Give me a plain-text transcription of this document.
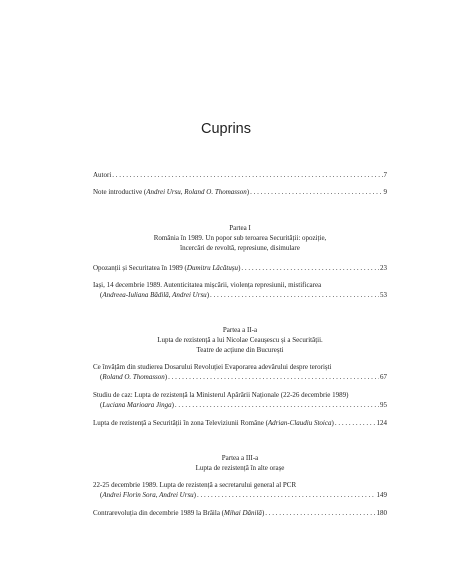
Cuprins
Autori . . .	7
Note introductive (Andrei Ursu, Roland O. Thomasson) . . .	9
Partea I
România în 1989. Un popor sub teroarea Securității: opoziție,
încercări de revoltă, represiune, disimulare
Opozanții și Securitatea în 1989 (Dumitru Lăcătușu) . . .	23
Iași, 14 decembrie 1989. Autenticitatea mișcării, violența represiunii, mistificarea
(Andreea-Iuliana Bădilă, Andrei Ursu) . . .	53
Partea a II-a
Lupta de rezistență a lui Nicolae Ceaușescu și a Securității.
Teatre de acțiune din București
Ce învățăm din studierea Dosarului Revoluției Evaporarea adevărului despre teroriști
(Roland O. Thomasson) . . .	67
Studiu de caz: Lupta de rezistență la Ministerul Apărării Naționale (22-26 decembrie 1989)
(Luciana Marioara Jinga) . . .	95
Lupta de rezistență a Securității în zona Televiziunii Române (Adrian-Claudiu Stoica) . . .	124
Partea a III-a
Lupta de rezistență în alte orașe
22-25 decembrie 1989. Lupta de rezistență a secretarului general al PCR
(Andrei Florin Sora, Andrei Ursu) . . .	149
Contrarevoluția din decembrie 1989 la Brăila (Mihai Dănilă) . . .	180
